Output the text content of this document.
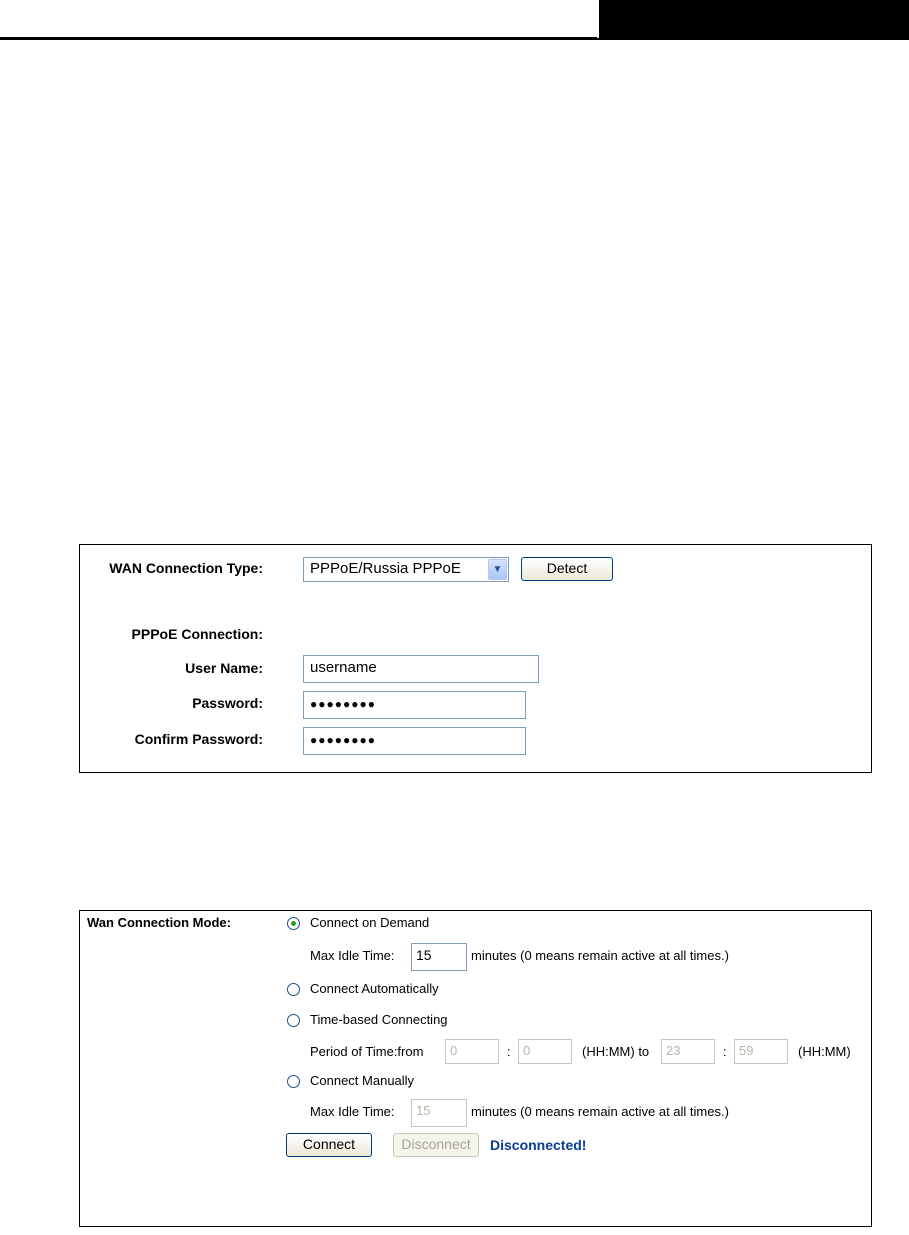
WAN Connection Type:	PPPoE/Russia PPPoE	▼	Detect
PPPoE Connection:
User Name:	username
Password:	●●●●●●●●
Confirm Password:	●●●●●●●●
Wan Connection Mode:	Connect on Demand
Max Idle Time:	15	minutes (0 means remain active at all times.)
Connect Automatically
Time-based Connecting
Period of Time:from	0	: 0	(HH:MM) to	23	: 59	(HH:MM)
Connect Manually
Max Idle Time:	15	minutes (0 means remain active at all times.)
Connect	Disconnect	Disconnected!
